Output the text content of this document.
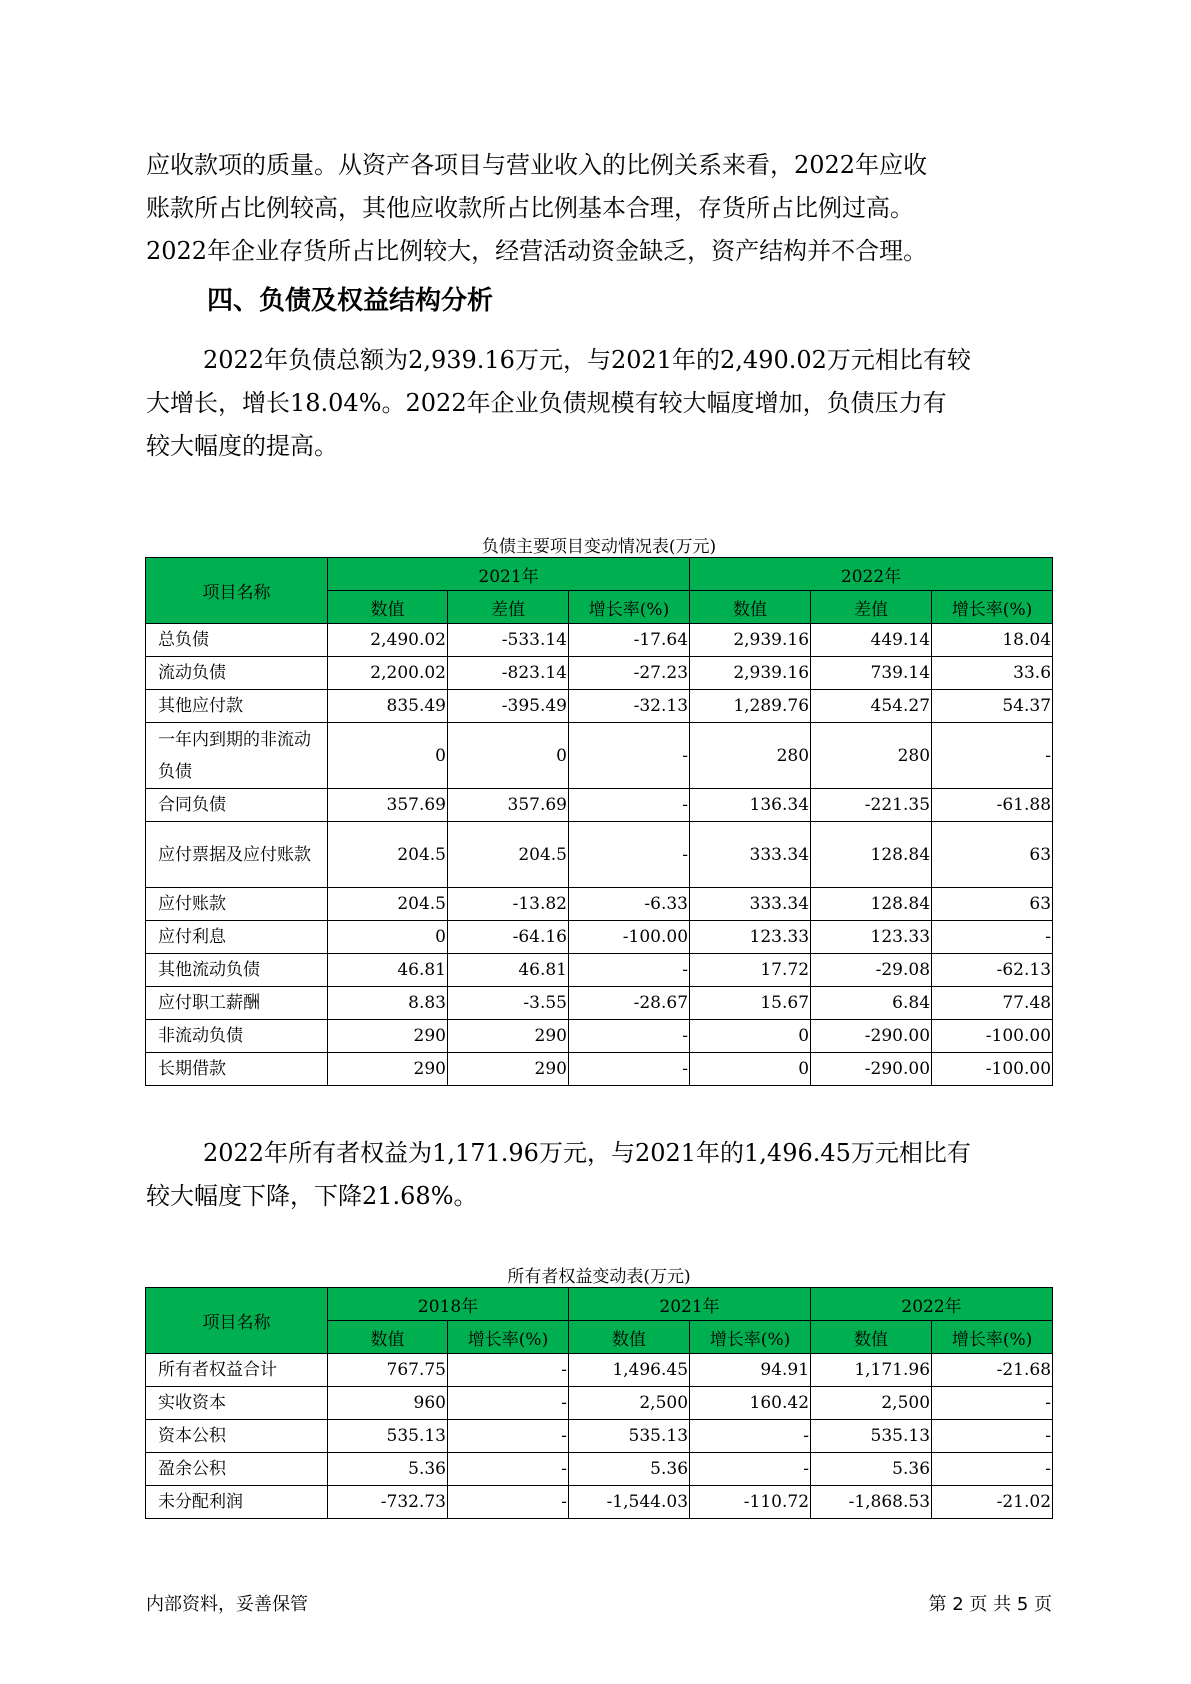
应收款项的质量。从资产各项目与营业收入的比例关系来看，2022年应收

账款所占比例较高，其他应收款所占比例基本合理，存货所占比例过高。

2022年企业存货所占比例较大，经营活动资金缺乏，资产结构并不合理。

四、负债及权益结构分析

2022年负债总额为2,939.16万元，与2021年的2,490.02万元相比有较

大增长，增长18.04%。2022年企业负债规模有较大幅度增加，负债压力有

较大幅度的提高。

负债主要项目变动情况表(万元)

项目名称	2021年			2022年		
	数值	差值	增长率(%)	数值	差值	增长率(%)
总负债	2,490.02	-533.14	-17.64	2,939.16	449.14	18.04
流动负债	2,200.02	-823.14	-27.23	2,939.16	739.14	33.6
其他应付款	835.49	-395.49	-32.13	1,289.76	454.27	54.37
一年内到期的非流动负债	0	0	-	280	280	-
合同负债	357.69	357.69	-	136.34	-221.35	-61.88
应付票据及应付账款	204.5	204.5	-	333.34	128.84	63
应付账款	204.5	-13.82	-6.33	333.34	128.84	63
应付利息	0	-64.16	-100.00	123.33	123.33	-
其他流动负债	46.81	46.81	-	17.72	-29.08	-62.13
应付职工薪酬	8.83	-3.55	-28.67	15.67	6.84	77.48
非流动负债	290	290	-	0	-290.00	-100.00
长期借款	290	290	-	0	-290.00	-100.00

2022年所有者权益为1,171.96万元，与2021年的1,496.45万元相比有

较大幅度下降，下降21.68%。

所有者权益变动表(万元)

项目名称	2018年		2021年		2022年	
	数值	增长率(%)	数值	增长率(%)	数值	增长率(%)
所有者权益合计	767.75	-	1,496.45	94.91	1,171.96	-21.68
实收资本	960	-	2,500	160.42	2,500	-
资本公积	535.13	-	535.13	-	535.13	-
盈余公积	5.36	-	5.36	-	5.36	-
未分配利润	-732.73	-	-1,544.03	-110.72	-1,868.53	-21.02

内部资料，妥善保管	第 2 页 共 5 页
